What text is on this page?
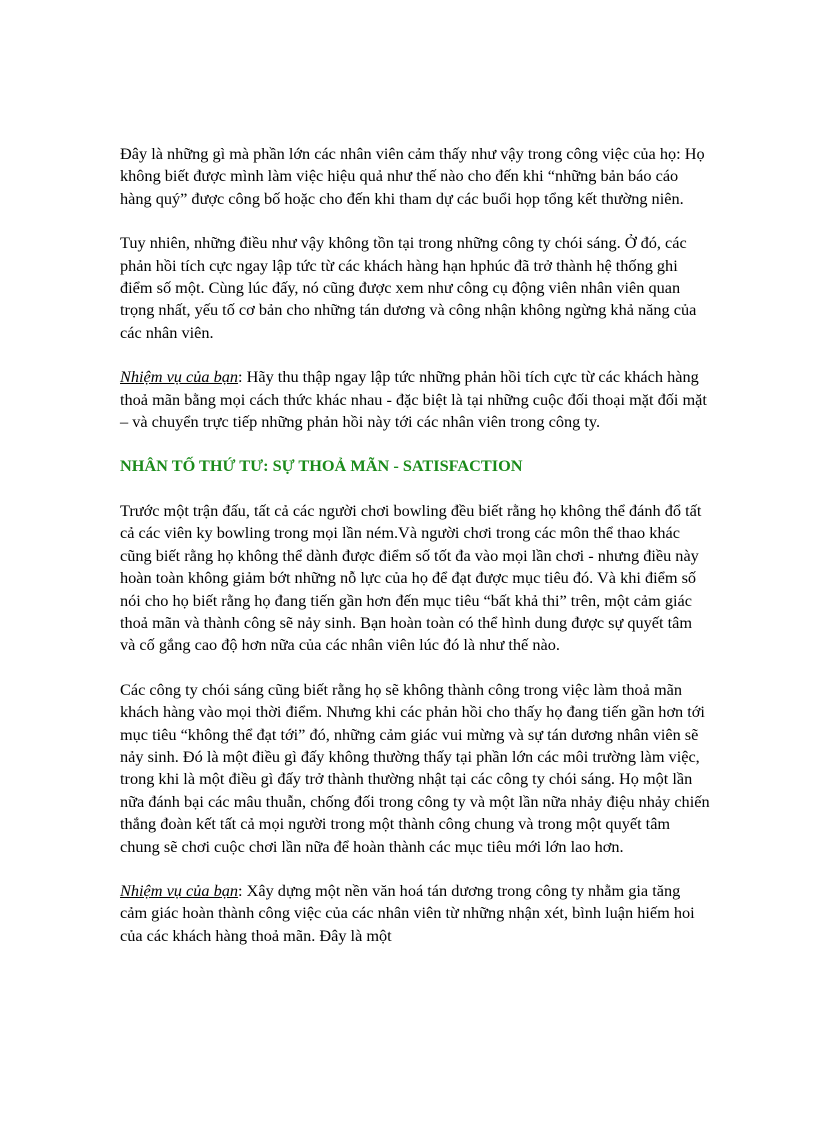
Đây là những gì mà phần lớn các nhân viên cảm thấy như vậy trong công việc của họ: Họ không biết được mình làm việc hiệu quả như thế nào cho đến khi “những bản báo cáo hàng quý” được công bố hoặc cho đến khi tham dự các buổi họp tổng kết thường niên.

Tuy nhiên, những điều như vậy không tồn tại trong những công ty chói sáng. Ở đó, các phản hồi tích cực ngay lập tức từ các khách hàng hạn hphúc đã trở thành hệ thống ghi điểm số một. Cùng lúc đấy, nó cũng được xem như công cụ động viên nhân viên quan trọng nhất, yếu tố cơ bản cho những tán dương và công nhận không ngừng khả năng của các nhân viên.

Nhiệm vụ của bạn: Hãy thu thập ngay lập tức những phản hồi tích cực từ các khách hàng thoả mãn bằng mọi cách thức khác nhau - đặc biệt là tại những cuộc đối thoại mặt đối mặt – và chuyển trực tiếp những phản hồi này tới các nhân viên trong công ty.

NHÂN TỐ THỨ TƯ: SỰ THOẢ MÃN - SATISFACTION

Trước một trận đấu, tất cả các người chơi bowling đều biết rằng họ không thể đánh đổ tất cả các viên ky bowling trong mọi lần ném.Và người chơi trong các môn thể thao khác cũng biết rằng họ không thể dành được điểm số tốt đa vào mọi lần chơi - nhưng điều này hoàn toàn không giảm bớt những nỗ lực của họ để đạt được mục tiêu đó. Và khi điểm số nói cho họ biết rằng họ đang tiến gần hơn đến mục tiêu “bất khả thi” trên, một cảm giác thoả mãn và thành công sẽ nảy sinh. Bạn hoàn toàn có thể hình dung được sự quyết tâm và cố gắng cao độ hơn nữa của các nhân viên lúc đó là như thế nào.

Các công ty chói sáng cũng biết rằng họ sẽ không thành công trong việc làm thoả mãn khách hàng vào mọi thời điểm. Nhưng khi các phản hồi cho thấy họ đang tiến gần hơn tới mục tiêu “không thể đạt tới” đó, những cảm giác vui mừng và sự tán dương nhân viên sẽ nảy sinh. Đó là một điều gì đấy không thường thấy tại phần lớn các môi trường làm việc, trong khi là một điều gì đấy trở thành thường nhật tại các công ty chói sáng. Họ một lần nữa đánh bại các mâu thuẫn, chống đối trong công ty và một lần nữa nhảy điệu nhảy chiến thắng đoàn kết tất cả mọi người trong một thành công chung và trong một quyết tâm chung sẽ chơi cuộc chơi lần nữa để hoàn thành các mục tiêu mới lớn lao hơn.

Nhiệm vụ của bạn: Xây dựng một nền văn hoá tán dương trong công ty nhằm gia tăng cảm giác hoàn thành công việc của các nhân viên từ những nhận xét, bình luận hiếm hoi của các khách hàng thoả mãn. Đây là một
